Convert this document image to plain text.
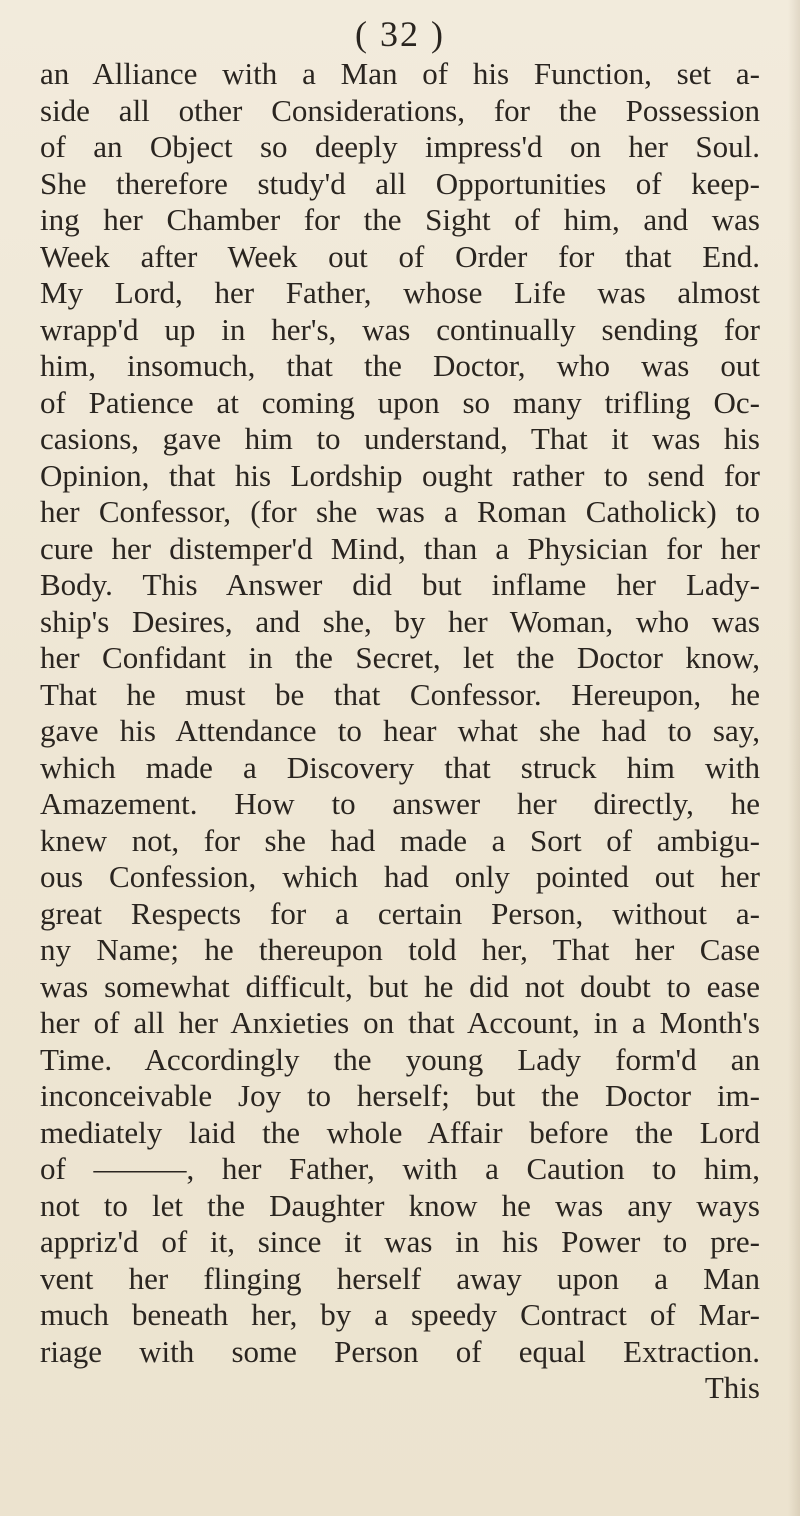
( 32 )
an Alliance with a Man of his Function, set a-
side all other Considerations, for the Possession
of an Object so deeply impress'd on her Soul.
She therefore study'd all Opportunities of keep-
ing her Chamber for the Sight of him, and was
Week after Week out of Order for that End.
My Lord, her Father, whose Life was almost
wrapp'd up in her's, was continually sending for
him, insomuch, that the Doctor, who was out
of Patience at coming upon so many trifling Oc-
casions, gave him to understand, That it was his
Opinion, that his Lordship ought rather to send for
her Confessor, (for she was a Roman Catholick) to
cure her distemper'd Mind, than a Physician for her
Body. This Answer did but inflame her Lady-
ship's Desires, and she, by her Woman, who was
her Confidant in the Secret, let the Doctor know,
That he must be that Confessor. Hereupon, he
gave his Attendance to hear what she had to say,
which made a Discovery that struck him with
Amazement. How to answer her directly, he
knew not, for she had made a Sort of ambigu-
ous Confession, which had only pointed out her
great Respects for a certain Person, without a-
ny Name; he thereupon told her, That her Case
was somewhat difficult, but he did not doubt to ease
her of all her Anxieties on that Account, in a Month's
Time. Accordingly the young Lady form'd an
inconceivable Joy to herself; but the Doctor im-
mediately laid the whole Affair before the Lord
of ———, her Father, with a Caution to him,
not to let the Daughter know he was any ways
appriz'd of it, since it was in his Power to pre-
vent her flinging herself away upon a Man
much beneath her, by a speedy Contract of Mar-
riage with some Person of equal Extraction.
This
